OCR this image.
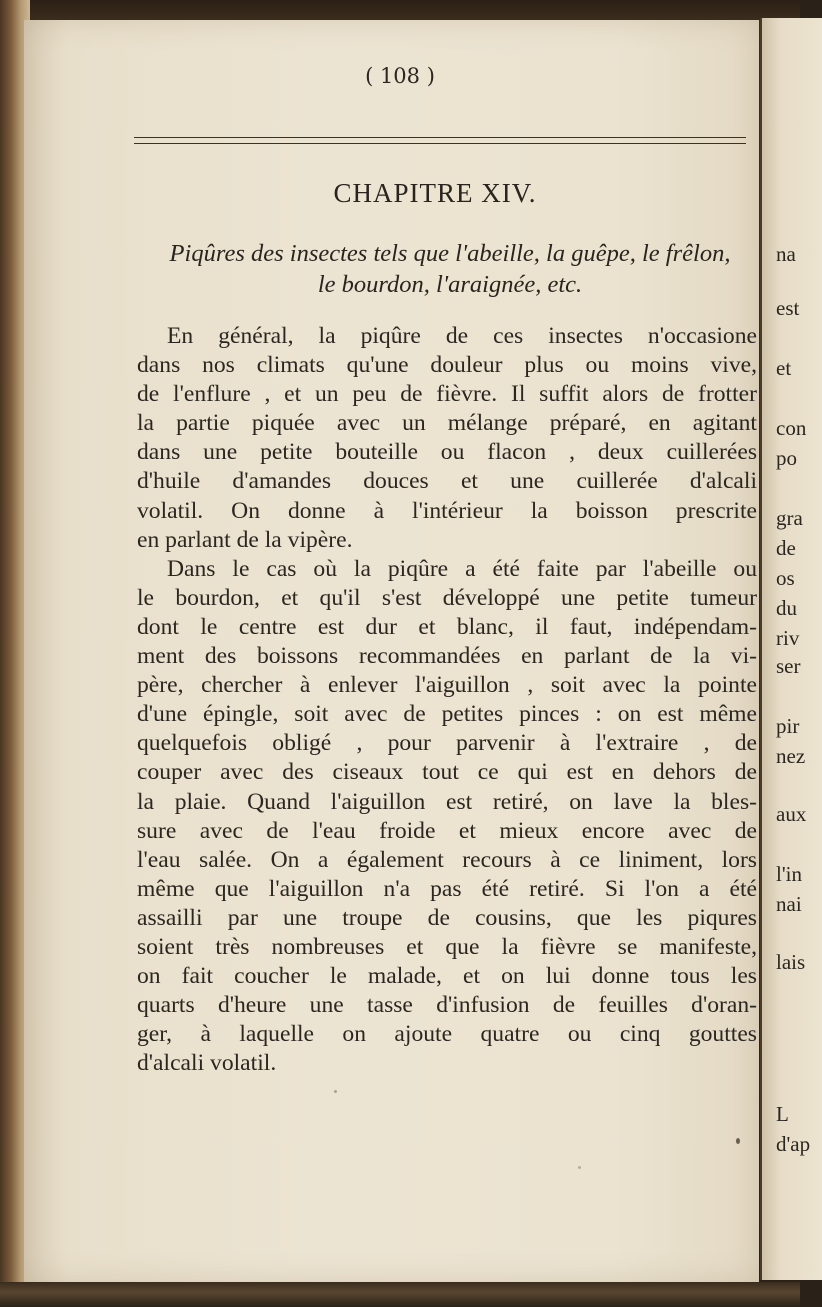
( 108 )
CHAPITRE XIV.
Piqûres des insectes tels que l'abeille, la guêpe, le frêlon,
le bourdon, l'araignée, etc.
En général, la piqûre de ces insectes n'occasione
dans nos climats qu'une douleur plus ou moins vive,
de l'enflure , et un peu de fièvre. Il suffit alors de frotter
la partie piquée avec un mélange préparé, en agitant
dans une petite bouteille ou flacon , deux cuillerées
d'huile d'amandes douces et une cuillerée d'alcali
volatil. On donne à l'intérieur la boisson prescrite
en parlant de la vipère.
Dans le cas où la piqûre a été faite par l'abeille ou
le bourdon, et qu'il s'est développé une petite tumeur
dont le centre est dur et blanc, il faut, indépendam-
ment des boissons recommandées en parlant de la vi-
père, chercher à enlever l'aiguillon , soit avec la pointe
d'une épingle, soit avec de petites pinces : on est même
quelquefois obligé , pour parvenir à l'extraire , de
couper avec des ciseaux tout ce qui est en dehors de
la plaie. Quand l'aiguillon est retiré, on lave la bles-
sure avec de l'eau froide et mieux encore avec de
l'eau salée. On a également recours à ce liniment, lors
même que l'aiguillon n'a pas été retiré. Si l'on a été
assailli par une troupe de cousins, que les piqures
soient très nombreuses et que la fièvre se manifeste,
on fait coucher le malade, et on lui donne tous les
quarts d'heure une tasse d'infusion de feuilles d'oran-
ger, à laquelle on ajoute quatre ou cinq gouttes
d'alcali volatil.
na
est
et
con
po
gra
de
os
du
riv
ser
pir
nez
aux
l'in
nai
lais
L
d'ap
